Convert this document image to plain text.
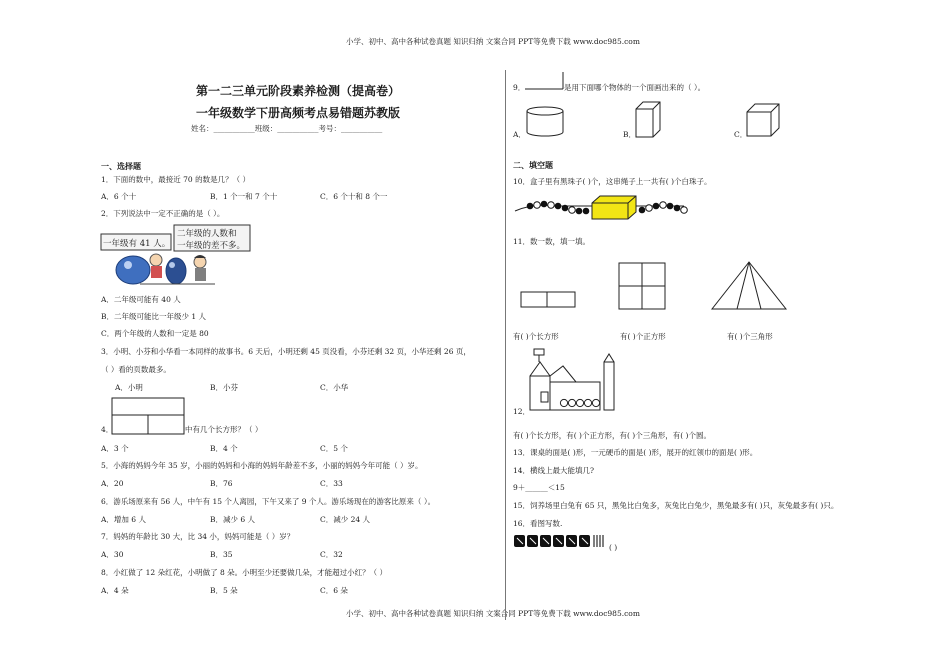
小学、初中、高中各种试卷真题 知识归纳 文案合同 PPT等免费下载 www.doc985.com
小学、初中、高中各种试卷真题 知识归纳 文案合同 PPT等免费下载 www.doc985.com
第一二三单元阶段素养检测（提高卷）
一年级数学下册高频考点易错题苏教版
姓名：___________班级：___________考号：___________
一、选择题
1．下面的数中，最接近 70 的数是几？（ ）
A．6 个十	B．1 个一和 7 个十	C．6 个十和 8 个一
2．下列说法中一定不正确的是（ ）。
一年级有 41 人。
二年级的人数和
一年级的差不多。
A．二年级可能有 40 人
B．二年级可能比一年级少 1 人
C．两个年级的人数和一定是 80
3．小明、小芬和小华看一本同样的故事书。6 天后，小明还剩 45 页没看，小芬还剩 32 页，小华还剩 26 页，
（ ）看的页数最多。
A．小明	B．小芬	C．小华
4．	中有几个长方形？（ ）
A．3 个	B．4 个	C．5 个
5．小海的妈妈今年 35 岁，小丽的妈妈和小海的妈妈年龄差不多，小丽的妈妈今年可能（ ）岁。
A．20	B．76	C．33
6．游乐场原来有 56 人，中午有 15 个人离园，下午又来了 9 个人。游乐场现在的游客比原来（ ）。
A．增加 6 人	B．减少 6 人	C．减少 24 人
7．妈妈的年龄比 30 大，比 34 小，妈妈可能是（ ）岁？
A．30	B．35	C．32
8．小红做了 12 朵红花，小明做了 8 朵。小明至少还要做几朵，才能超过小红？（ ）
A．4 朵	B．5 朵	C．6 朵
9．	是用下面哪个物体的一个面画出来的（ ）。
A．	B．	C．
二、填空题
10．盒子里有黑珠子( )个，这串绳子上一共有( )个白珠子。
11．数一数，填一填。
有( )个长方形	有( )个正方形	有( )个三角形
12．
有( )个长方形，有( )个正方形，有( )个三角形，有( )个圆。
13．课桌的面是( )形，一元硬币的面是( )形，展开的红领巾的面是( )形。
14．横线上最大能填几?
9＋______＜15
15．饲养场里白兔有 65 只，黑兔比白兔多，灰兔比白兔少，黑兔最多有( )只，灰兔最多有( )只。
16．看图写数.
( )
